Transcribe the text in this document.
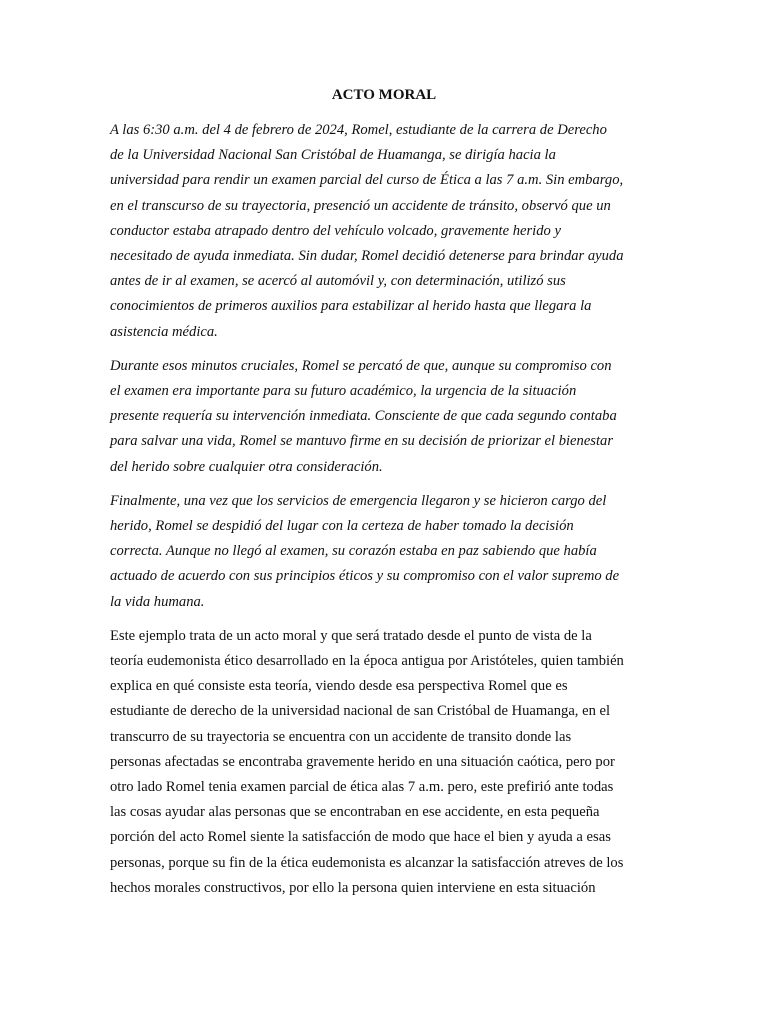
ACTO MORAL

A las 6:30 a.m. del 4 de febrero de 2024, Romel, estudiante de la carrera de Derecho
de la Universidad Nacional San Cristóbal de Huamanga, se dirigía hacia la
universidad para rendir un examen parcial del curso de Ética a las 7 a.m. Sin embargo,
en el transcurso de su trayectoria, presenció un accidente de tránsito, observó que un
conductor estaba atrapado dentro del vehículo volcado, gravemente herido y
necesitado de ayuda inmediata. Sin dudar, Romel decidió detenerse para brindar ayuda
antes de ir al examen, se acercó al automóvil y, con determinación, utilizó sus
conocimientos de primeros auxilios para estabilizar al herido hasta que llegara la
asistencia médica.

Durante esos minutos cruciales, Romel se percató de que, aunque su compromiso con
el examen era importante para su futuro académico, la urgencia de la situación
presente requería su intervención inmediata. Consciente de que cada segundo contaba
para salvar una vida, Romel se mantuvo firme en su decisión de priorizar el bienestar
del herido sobre cualquier otra consideración.

Finalmente, una vez que los servicios de emergencia llegaron y se hicieron cargo del
herido, Romel se despidió del lugar con la certeza de haber tomado la decisión
correcta. Aunque no llegó al examen, su corazón estaba en paz sabiendo que había
actuado de acuerdo con sus principios éticos y su compromiso con el valor supremo de
la vida humana.

Este ejemplo trata de un acto moral y que será tratado desde el punto de vista de la
teoría eudemonista ético desarrollado en la época antigua por Aristóteles, quien también
explica en qué consiste esta teoría, viendo desde esa perspectiva Romel que es
estudiante de derecho de la universidad nacional de san Cristóbal de Huamanga, en el
transcurro de su trayectoria se encuentra con un accidente de transito donde las
personas afectadas se encontraba gravemente herido en una situación caótica, pero por
otro lado Romel tenia examen parcial de ética alas 7 a.m. pero, este prefirió ante todas
las cosas ayudar alas personas que se encontraban en ese accidente, en esta pequeña
porción del acto Romel siente la satisfacción de modo que hace el bien y ayuda a esas
personas, porque su fin de la ética eudemonista es alcanzar la satisfacción atreves de los
hechos morales constructivos, por ello la persona quien interviene en esta situación
